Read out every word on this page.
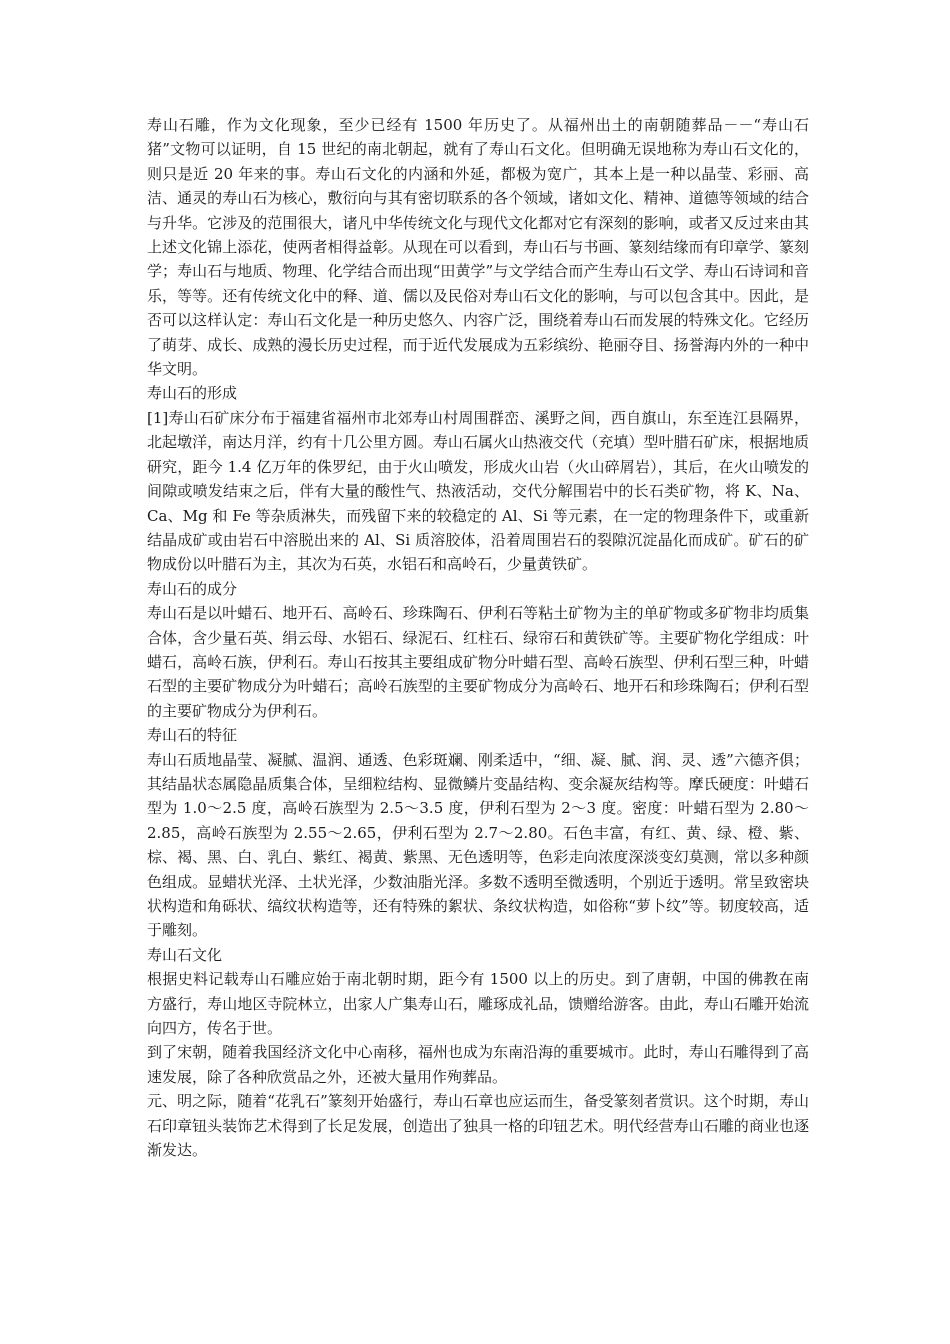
寿山石雕，作为文化现象，至少已经有 1500 年历史了。从福州出土的南朝随葬品－－“寿山石猪”文物可以证明，自 15 世纪的南北朝起，就有了寿山石文化。但明确无误地称为寿山石文化的，则只是近 20 年来的事。寿山石文化的内涵和外延，都极为宽广，其本上是一种以晶莹、彩丽、高洁、通灵的寿山石为核心，敷衍向与其有密切联系的各个领域，诸如文化、精神、道德等领域的结合与升华。它涉及的范围很大，诸凡中华传统文化与现代文化都对它有深刻的影响，或者又反过来由其上述文化锦上添花，使两者相得益彰。从现在可以看到，寿山石与书画、篆刻结缘而有印章学、篆刻学；寿山石与地质、物理、化学结合而出现“田黄学”与文学结合而产生寿山石文学、寿山石诗词和音乐，等等。还有传统文化中的释、道、儒以及民俗对寿山石文化的影响，与可以包含其中。因此，是否可以这样认定：寿山石文化是一种历史悠久、内容广泛，围绕着寿山石而发展的特殊文化。它经历了萌芽、成长、成熟的漫长历史过程，而于近代发展成为五彩缤纷、艳丽夺目、扬誉海内外的一种中华文明。

寿山石的形成

[1]寿山石矿床分布于福建省福州市北郊寿山村周围群峦、溪野之间，西自旗山，东至连江县隔界，北起墩洋，南达月洋，约有十几公里方圆。寿山石属火山热液交代（充填）型叶腊石矿床，根据地质研究，距今 1.4 亿万年的侏罗纪，由于火山喷发，形成火山岩（火山碎屑岩），其后，在火山喷发的间隙或喷发结束之后，伴有大量的酸性气、热液活动，交代分解围岩中的长石类矿物，将 K、Na、Ca、Mg 和 Fe 等杂质淋失，而残留下来的较稳定的 Al、Si 等元素，在一定的物理条件下，或重新结晶成矿或由岩石中溶脱出来的 Al、Si 质溶胶体，沿着周围岩石的裂隙沉淀晶化而成矿。矿石的矿物成份以叶腊石为主，其次为石英，水铝石和高岭石，少量黄铁矿。

寿山石的成分

寿山石是以叶蜡石、地开石、高岭石、珍珠陶石、伊利石等粘土矿物为主的单矿物或多矿物非均质集合体，含少量石英、绢云母、水铝石、绿泥石、红柱石、绿帘石和黄铁矿等。主要矿物化学组成：叶蜡石，高岭石族，伊利石。寿山石按其主要组成矿物分叶蜡石型、高岭石族型、伊利石型三种，叶蜡石型的主要矿物成分为叶蜡石；高岭石族型的主要矿物成分为高岭石、地开石和珍珠陶石；伊利石型的主要矿物成分为伊利石。

寿山石的特征

寿山石质地晶莹、凝腻、温润、通透、色彩斑斓、刚柔适中，“细、凝、腻、润、灵、透”六德齐俱；其结晶状态属隐晶质集合体，呈细粒结构、显微鳞片变晶结构、变余凝灰结构等。摩氏硬度：叶蜡石型为 1.0～2.5 度，高岭石族型为 2.5～3.5 度，伊利石型为 2～3 度。密度：叶蜡石型为 2.80～2.85，高岭石族型为 2.55～2.65，伊利石型为 2.7～2.80。石色丰富，有红、黄、绿、橙、紫、棕、褐、黑、白、乳白、紫红、褐黄、紫黑、无色透明等，色彩走向浓度深淡变幻莫测，常以多种颜色组成。显蜡状光泽、土状光泽，少数油脂光泽。多数不透明至微透明，个别近于透明。常呈致密块状构造和角砾状、缟纹状构造等，还有特殊的絮状、条纹状构造，如俗称“萝卜纹”等。韧度较高，适于雕刻。

寿山石文化

根据史料记载寿山石雕应始于南北朝时期，距今有 1500 以上的历史。到了唐朝，中国的佛教在南方盛行，寿山地区寺院林立，出家人广集寿山石，雕琢成礼品，馈赠给游客。由此，寿山石雕开始流向四方，传名于世。

到了宋朝，随着我国经济文化中心南移，福州也成为东南沿海的重要城市。此时，寿山石雕得到了高速发展，除了各种欣赏品之外，还被大量用作殉葬品。

元、明之际，随着“花乳石”篆刻开始盛行，寿山石章也应运而生，备受篆刻者赏识。这个时期，寿山石印章钮头装饰艺术得到了长足发展，创造出了独具一格的印钮艺术。明代经营寿山石雕的商业也逐渐发达。
